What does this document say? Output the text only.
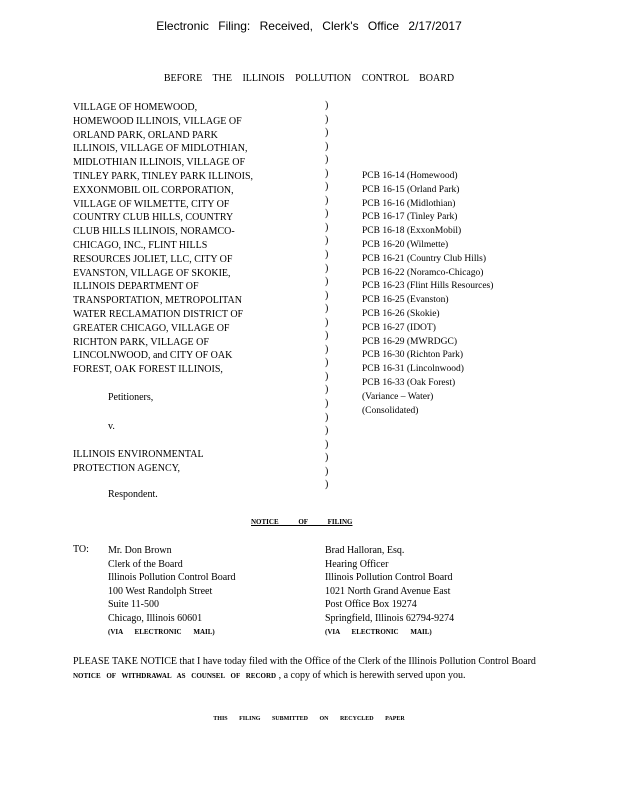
Electronic Filing: Received, Clerk's Office 2/17/2017
BEFORE THE ILLINOIS POLLUTION CONTROL BOARD
VILLAGE OF HOMEWOOD,
HOMEWOOD ILLINOIS, VILLAGE OF
ORLAND PARK, ORLAND PARK
ILLINOIS, VILLAGE OF MIDLOTHIAN,
MIDLOTHIAN ILLINOIS, VILLAGE OF
TINLEY PARK, TINLEY PARK ILLINOIS,
EXXONMOBIL OIL CORPORATION,
VILLAGE OF WILMETTE, CITY OF
COUNTRY CLUB HILLS, COUNTRY
CLUB HILLS ILLINOIS, NORAMCO-
CHICAGO, INC., FLINT HILLS
RESOURCES JOLIET, LLC, CITY OF
EVANSTON, VILLAGE OF SKOKIE,
ILLINOIS DEPARTMENT OF
TRANSPORTATION, METROPOLITAN
WATER RECLAMATION DISTRICT OF
GREATER CHICAGO, VILLAGE OF
RICHTON PARK, VILLAGE OF
LINCOLNWOOD, and CITY OF OAK
FOREST, OAK FOREST ILLINOIS,
)
)
)
)
)
)
)
)
)
)
)
)
)
)
)
)
)
)
)
)
)
)
)
)
)
)
)
)
)
PCB 16-14 (Homewood)
PCB 16-15 (Orland Park)
PCB 16-16 (Midlothian)
PCB 16-17 (Tinley Park)
PCB 16-18 (ExxonMobil)
PCB 16-20 (Wilmette)
PCB 16-21 (Country Club Hills)
PCB 16-22 (Noramco-Chicago)
PCB 16-23 (Flint Hills Resources)
PCB 16-25 (Evanston)
PCB 16-26 (Skokie)
PCB 16-27 (IDOT)
PCB 16-29 (MWRDGC)
PCB 16-30 (Richton Park)
PCB 16-31 (Lincolnwood)
PCB 16-33 (Oak Forest)
(Variance – Water)
(Consolidated)
Petitioners,
v.
ILLINOIS ENVIRONMENTAL
PROTECTION AGENCY,
Respondent.
NOTICE OF FILING
TO: Mr. Don Brown
Clerk of the Board
Illinois Pollution Control Board
100 West Randolph Street
Suite 11-500
Chicago, Illinois 60601
(VIA ELECTRONIC MAIL)
Brad Halloran, Esq.
Hearing Officer
Illinois Pollution Control Board
1021 North Grand Avenue East
Post Office Box 19274
Springfield, Illinois 62794-9274
(VIA ELECTRONIC MAIL)
PLEASE TAKE NOTICE that I have today filed with the Office of the Clerk of the Illinois Pollution Control Board NOTICE OF WITHDRAWAL AS COUNSEL OF RECORD , a copy of which is herewith served upon you.
THIS FILING SUBMITTED ON RECYCLED PAPER
